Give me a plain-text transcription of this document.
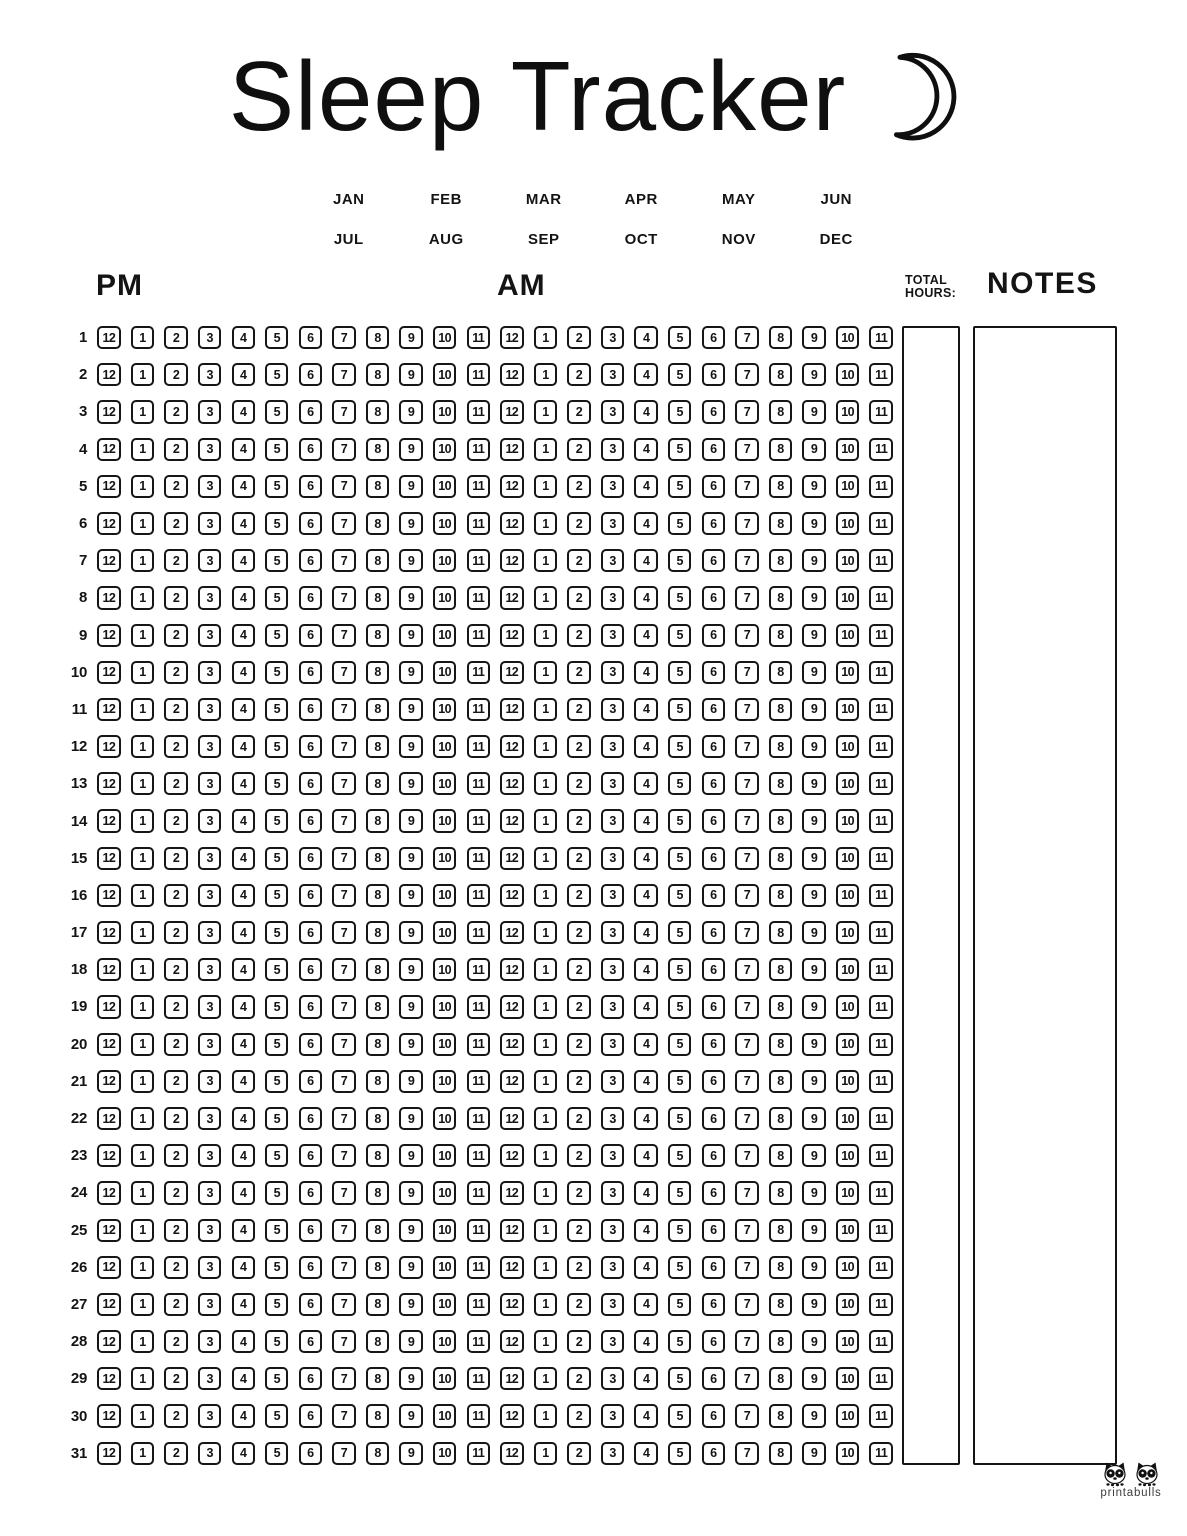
Sleep Tracker
JAN	FEB	MAR	APR	MAY	JUN
JUL	AUG	SEP	OCT	NOV	DEC
PM	AM	TOTAL
HOURS: NOTES
1	12	1	2	3	4	5	6	7	8	9	10	11	12	1	2	3	4	5	6	7	8	9	10	11
2	12	1	2	3	4	5	6	7	8	9	10	11	12	1	2	3	4	5	6	7	8	9	10	11
3	12	1	2	3	4	5	6	7	8	9	10	11	12	1	2	3	4	5	6	7	8	9	10	11
4	12	1	2	3	4	5	6	7	8	9	10	11	12	1	2	3	4	5	6	7	8	9	10	11
5	12	1	2	3	4	5	6	7	8	9	10	11	12	1	2	3	4	5	6	7	8	9	10	11
6	12	1	2	3	4	5	6	7	8	9	10	11	12	1	2	3	4	5	6	7	8	9	10	11
7	12	1	2	3	4	5	6	7	8	9	10	11	12	1	2	3	4	5	6	7	8	9	10	11
8	12	1	2	3	4	5	6	7	8	9	10	11	12	1	2	3	4	5	6	7	8	9	10	11
9	12	1	2	3	4	5	6	7	8	9	10	11	12	1	2	3	4	5	6	7	8	9	10	11
10	12	1	2	3	4	5	6	7	8	9	10	11	12	1	2	3	4	5	6	7	8	9	10	11
11	12	1	2	3	4	5	6	7	8	9	10	11	12	1	2	3	4	5	6	7	8	9	10	11
12	12	1	2	3	4	5	6	7	8	9	10	11	12	1	2	3	4	5	6	7	8	9	10	11
13	12	1	2	3	4	5	6	7	8	9	10	11	12	1	2	3	4	5	6	7	8	9	10	11
14	12	1	2	3	4	5	6	7	8	9	10	11	12	1	2	3	4	5	6	7	8	9	10	11
15	12	1	2	3	4	5	6	7	8	9	10	11	12	1	2	3	4	5	6	7	8	9	10	11
16	12	1	2	3	4	5	6	7	8	9	10	11	12	1	2	3	4	5	6	7	8	9	10	11
17	12	1	2	3	4	5	6	7	8	9	10	11	12	1	2	3	4	5	6	7	8	9	10	11
18	12	1	2	3	4	5	6	7	8	9	10	11	12	1	2	3	4	5	6	7	8	9	10	11
19	12	1	2	3	4	5	6	7	8	9	10	11	12	1	2	3	4	5	6	7	8	9	10	11
20	12	1	2	3	4	5	6	7	8	9	10	11	12	1	2	3	4	5	6	7	8	9	10	11
21	12	1	2	3	4	5	6	7	8	9	10	11	12	1	2	3	4	5	6	7	8	9	10	11
22	12	1	2	3	4	5	6	7	8	9	10	11	12	1	2	3	4	5	6	7	8	9	10	11
23	12	1	2	3	4	5	6	7	8	9	10	11	12	1	2	3	4	5	6	7	8	9	10	11
24	12	1	2	3	4	5	6	7	8	9	10	11	12	1	2	3	4	5	6	7	8	9	10	11
25	12	1	2	3	4	5	6	7	8	9	10	11	12	1	2	3	4	5	6	7	8	9	10	11
26	12	1	2	3	4	5	6	7	8	9	10	11	12	1	2	3	4	5	6	7	8	9	10	11
27	12	1	2	3	4	5	6	7	8	9	10	11	12	1	2	3	4	5	6	7	8	9	10	11
28	12	1	2	3	4	5	6	7	8	9	10	11	12	1	2	3	4	5	6	7	8	9	10	11
29	12	1	2	3	4	5	6	7	8	9	10	11	12	1	2	3	4	5	6	7	8	9	10	11
30	12	1	2	3	4	5	6	7	8	9	10	11	12	1	2	3	4	5	6	7	8	9	10	11
31	12	1	2	3	4	5	6	7	8	9	10	11	12	1	2	3	4	5	6	7	8	9	10	11
printabulls
